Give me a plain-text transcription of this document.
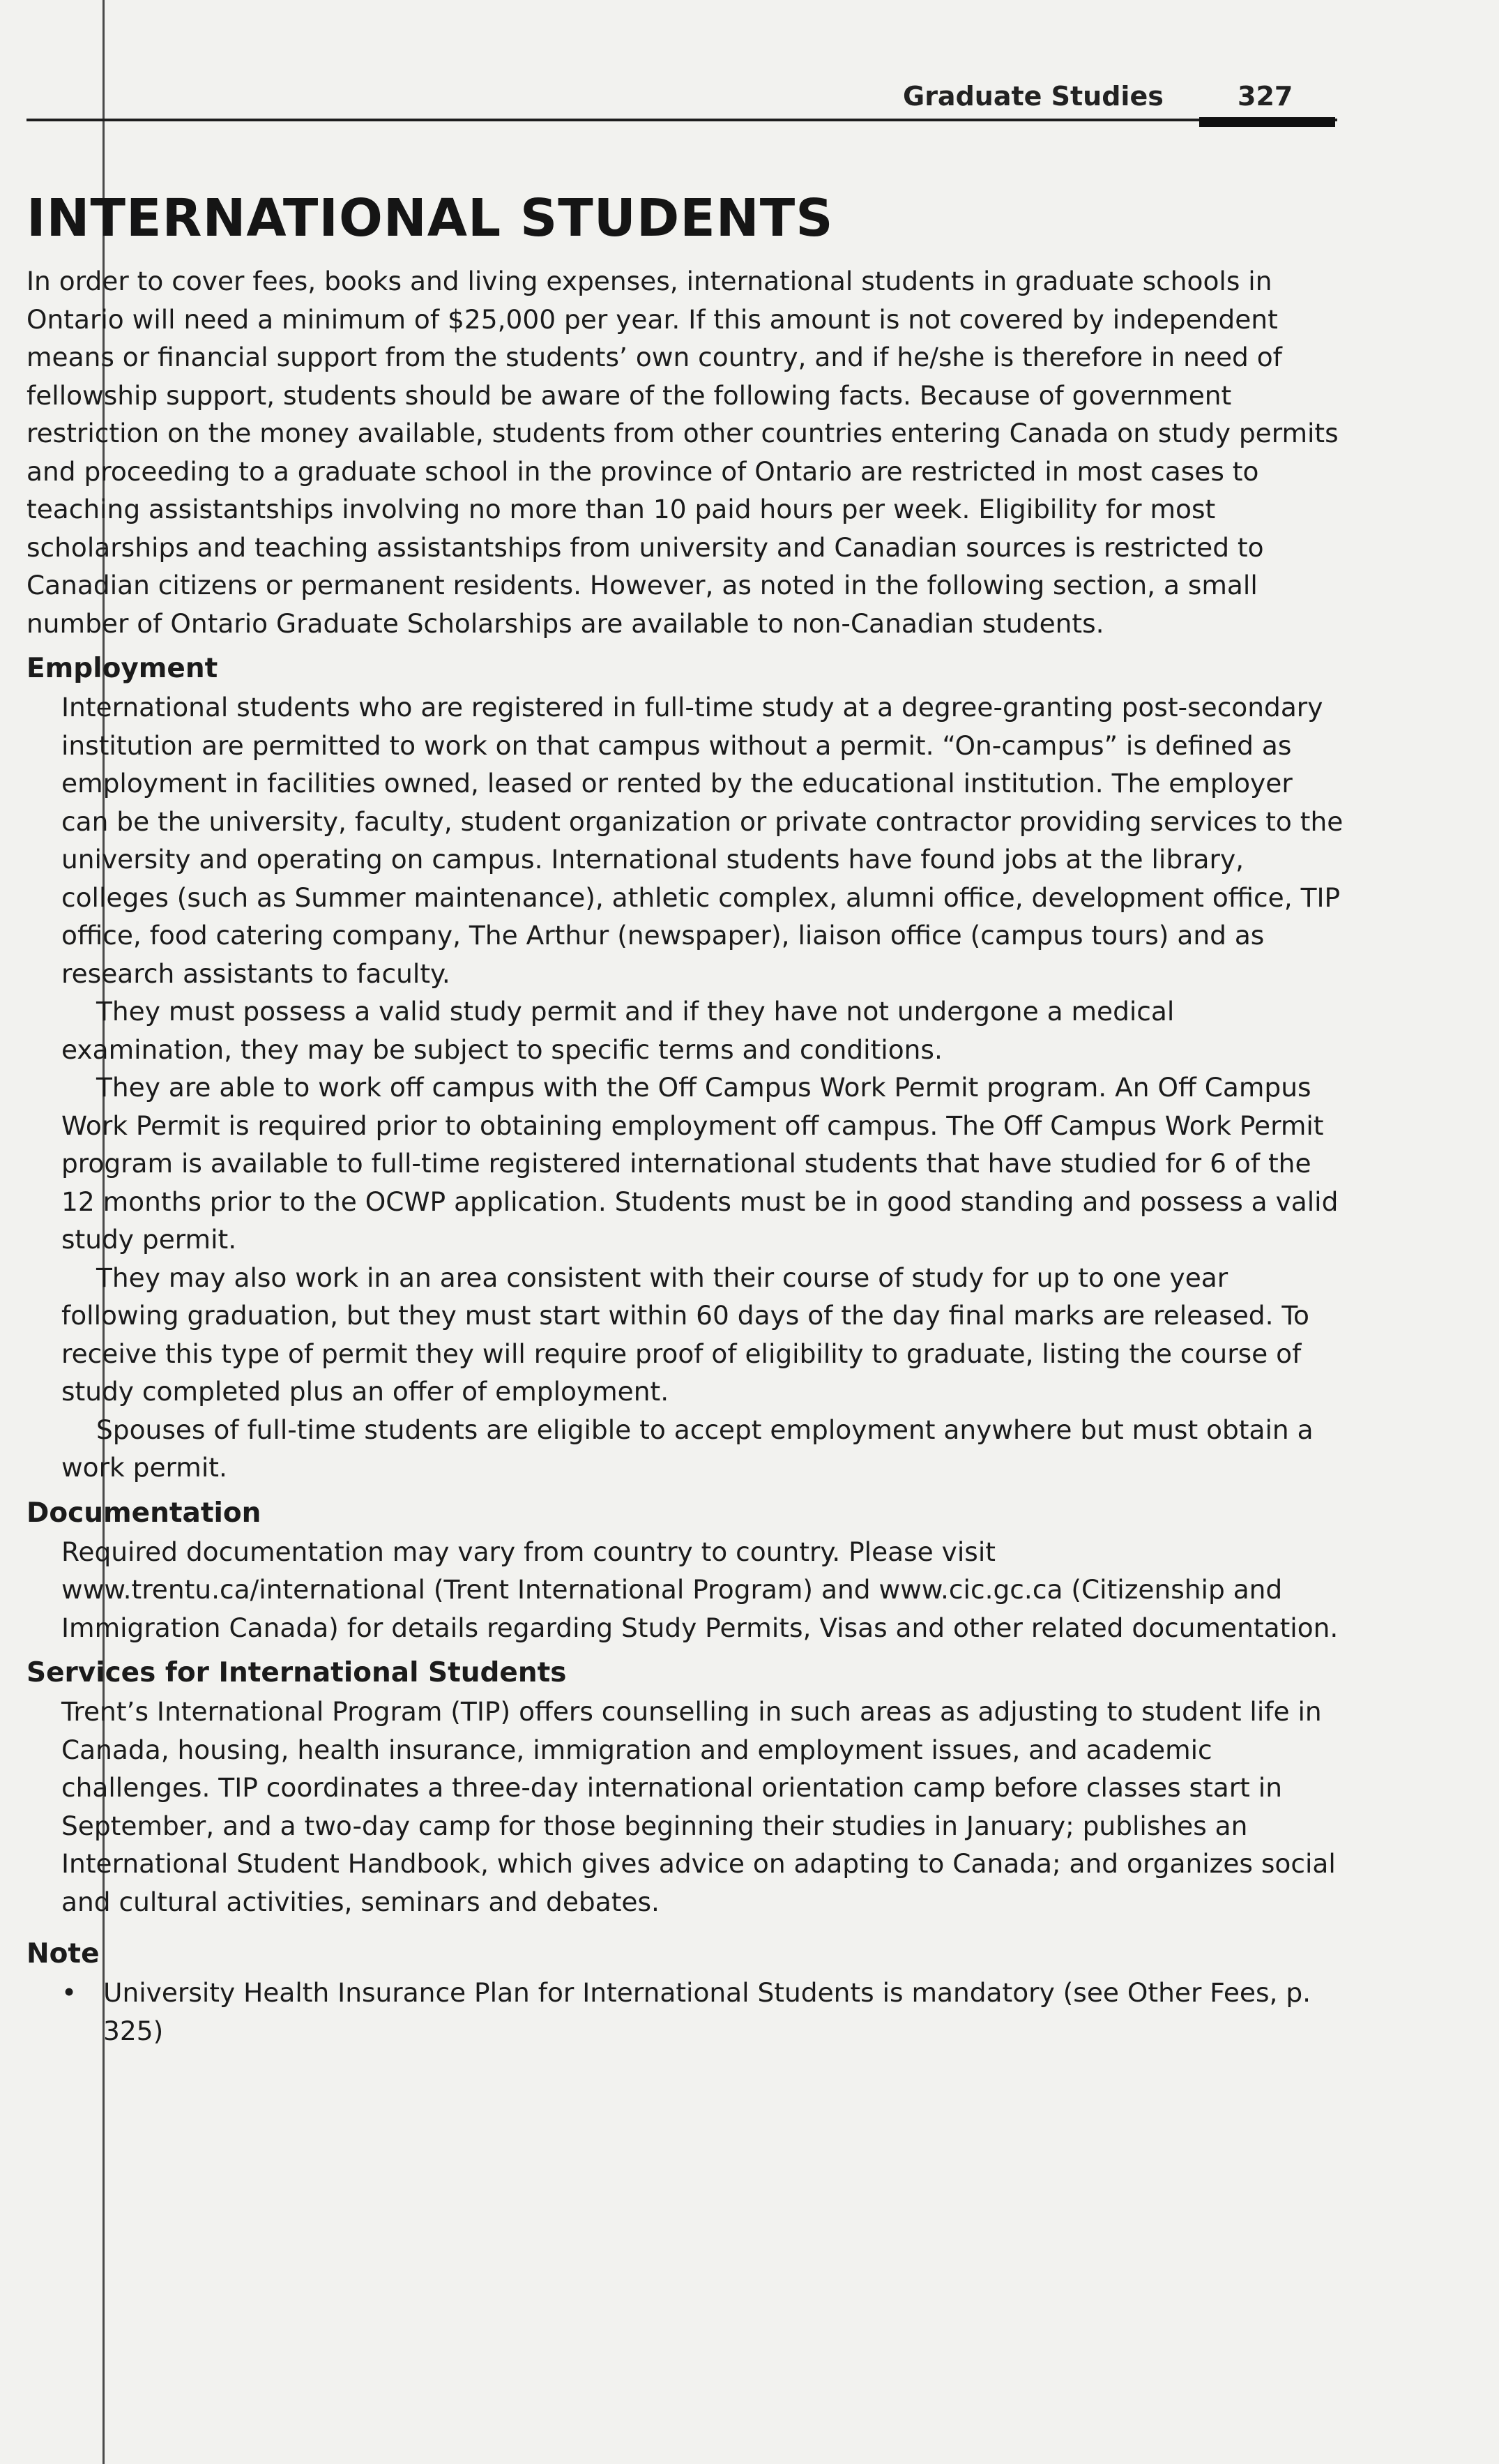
Graduate Studies	327
INTERNATIONAL STUDENTS

In order to cover fees, books and living expenses, international students in graduate schools in Ontario will need a minimum of $25,000 per year. If this amount is not covered by independent means or financial support from the students’ own country, and if he/she is therefore in need of fellowship support, students should be aware of the following facts. Because of government restriction on the money available, students from other countries entering Canada on study permits and proceeding to a graduate school in the province of Ontario are restricted in most cases to teaching assistantships involving no more than 10 paid hours per week. Eligibility for most scholarships and teaching assistantships from university and Canadian sources is restricted to Canadian citizens or permanent residents. However, as noted in the following section, a small number of Ontario Graduate Scholarships are available to non-Canadian students.

Employment

International students who are registered in full-time study at a degree-granting post-secondary institution are permitted to work on that campus without a permit. “On-campus” is defined as employment in facilities owned, leased or rented by the educational institution. The employer can be the university, faculty, student organization or private contractor providing services to the university and operating on campus. International students have found jobs at the library, colleges (such as Summer maintenance), athletic complex, alumni office, development office, TIP office, food catering company, The Arthur (newspaper), liaison office (campus tours) and as research assistants to faculty.

They must possess a valid study permit and if they have not undergone a medical examination, they may be subject to specific terms and conditions.

They are able to work off campus with the Off Campus Work Permit program. An Off Campus Work Permit is required prior to obtaining employment off campus. The Off Campus Work Permit program is available to full-time registered international students that have studied for 6 of the 12 months prior to the OCWP application. Students must be in good standing and possess a valid study permit.

They may also work in an area consistent with their course of study for up to one year following graduation, but they must start within 60 days of the day final marks are released. To receive this type of permit they will require proof of eligibility to graduate, listing the course of study completed plus an offer of employment.

Spouses of full-time students are eligible to accept employment anywhere but must obtain a work permit.

Documentation

Required documentation may vary from country to country. Please visit www.trentu.ca/international (Trent International Program) and www.cic.gc.ca (Citizenship and Immigration Canada) for details regarding Study Permits, Visas and other related documentation.

Services for International Students

Trent’s International Program (TIP) offers counselling in such areas as adjusting to student life in Canada, housing, health insurance, immigration and employment issues, and academic challenges. TIP coordinates a three-day international orientation camp before classes start in September, and a two-day camp for those beginning their studies in January; publishes an International Student Handbook, which gives advice on adapting to Canada; and organizes social and cultural activities, seminars and debates.

Note
• University Health Insurance Plan for International Students is mandatory (see Other Fees, p. 325)
